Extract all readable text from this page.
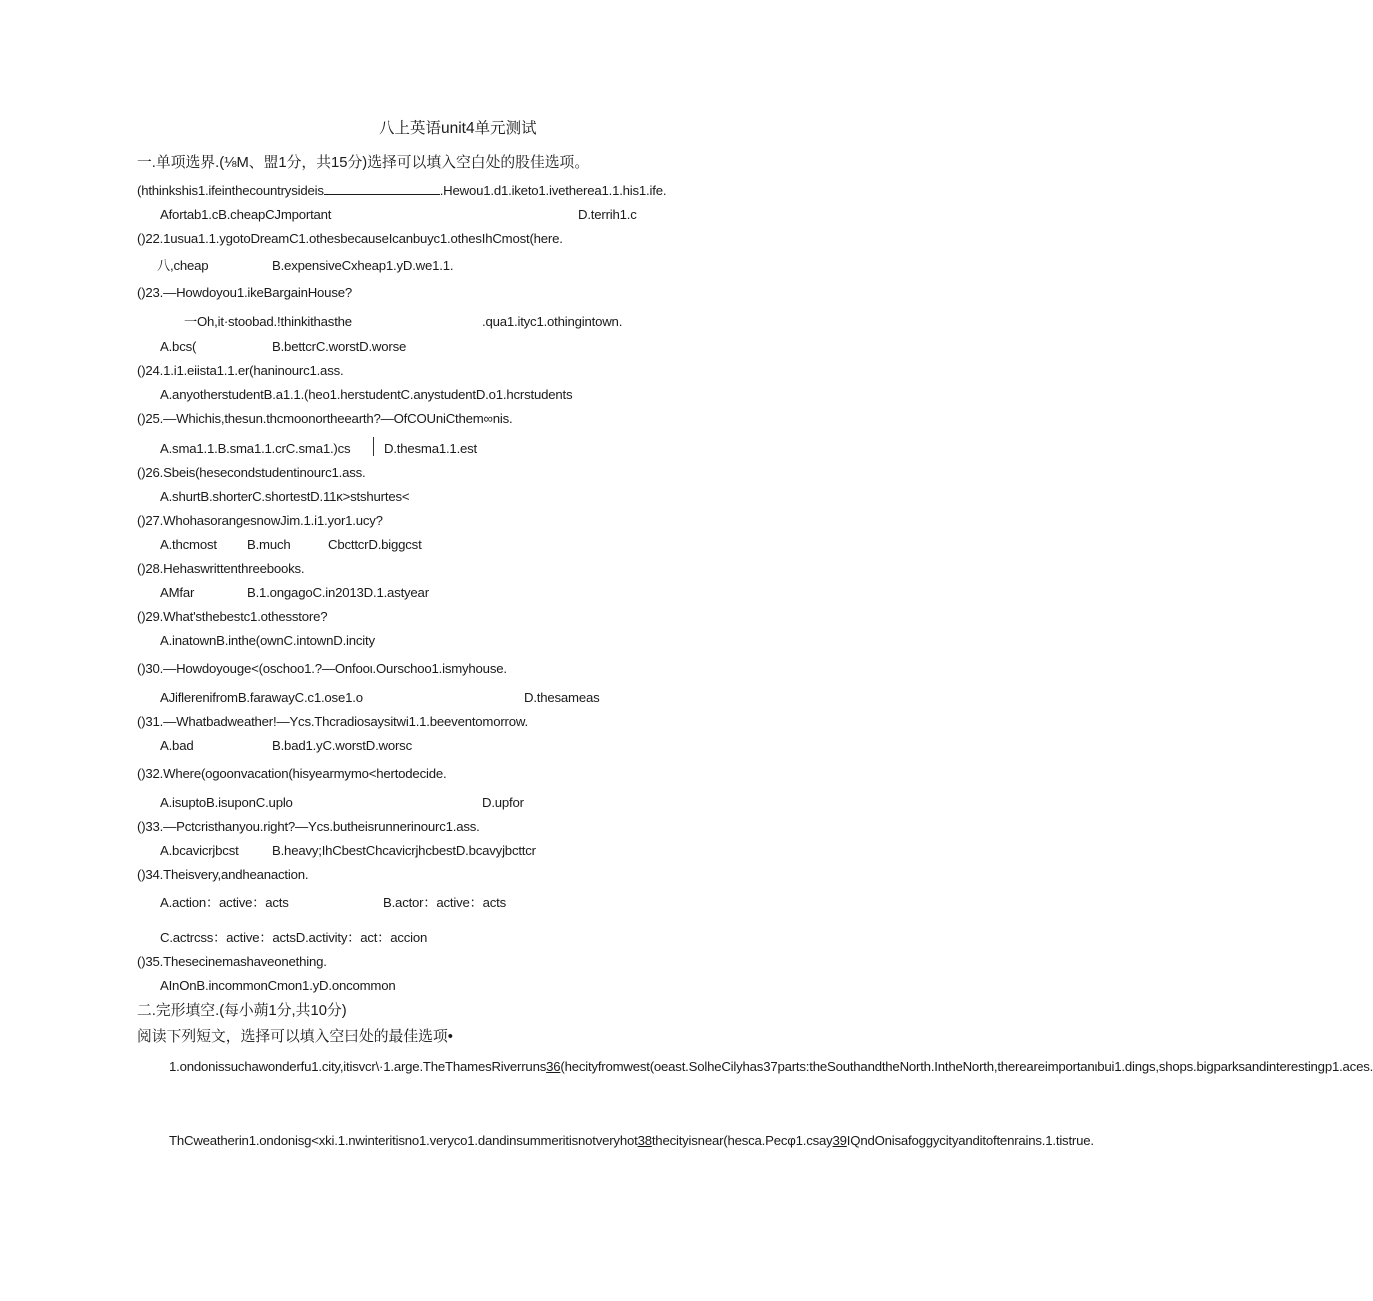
八上英语unit4单元测试
一.单项选界.(⅛M、盟1分，共15分)选择可以填入空白处的股佳选项。
(hthinkshis1.ifeinthecountrysideis	.Hewou1.d1.iketo1.ivetherea1.1.his1.ife.
Afortab1.cB.cheapCJmportant	D.terrih1.c
()22.1usua1.1.ygotoDreamC1.othesbecauseIcanbuyc1.othesIhCmost(here.
八,cheap	B.expensiveCxheap1.yD.we1.1.
()23.—Howdoyou1.ikeBargainHouse?
一Oh,it·stoobad.!thinkithasthe	.qua1.ityc1.othingintown.
A.bcs(	B.bettcrC.worstD.worse
()24.1.i1.eiista1.1.er(haninourc1.ass.
A.anyotherstudentB.a1.1.(heo1.herstudentC.anystudentD.o1.hcrstudents
()25.—Whichis,thesun.thcmoonortheearth?—OfCOUniCthem∞nis.
A.sma1.1.B.sma1.1.crC.sma1.)cs	D.thesma1.1.est
()26.Sbeis(hesecondstudentinourc1.ass.
A.shurtB.shorterC.shortestD.11ĸ>stshurtes<
()27.WhohasorangesnowJim.1.i1.yor1.ucy?
A.thcmost B.much	CbcttcrD.biggcst
()28.Hehaswrittenthreebooks.
AMfar	B.1.ongagoC.in2013D.1.astyear
()29.What'sthebestc1.othesstore?
A.inatownB.inthe(ownC.intownD.incity
()30.—Howdoyouge<(oschoo1.?—Onfooι.Ourschoo1.ismyhouse.
AJiflerenifromB.farawayC.c1.ose1.o	D.thesameas
()31.—Whatbadweather!—Ycs.Thcradiosaysitwi1.1.beeventomorrow.
A.bad	B.bad1.yC.worstD.worsc
()32.Where(ogoonvacation(hisyearmymo<hertodecide.
A.isuptoB.isuponC.uplo	D.upfor
()33.—Pctcristhanyou.right?—Ycs.butheisrunnerinourc1.ass.
A.bcavicrjbcst	B.heavy;IhCbestChcavicrjhcbestD.bcavyjbcttcr
()34.Theisvery,andheanaction.
A.action：active：acts	B.actor：active：acts
C.actrcss：active：actsD.activity：act：accion
()35.Thesecinemashaveonething.
AInOnB.incommonCmon1.yD.oncommon
二.完形填空.(每小蒴1分,共10分)
阅读下列短文，选择可以填入空曰处的最佳选项•
1.ondonissuchawonderfu1.city,itisvcr\·1.arge.TheThamesRiverruns36(hecityfromwest(oeast.SolheCilyhas37parts:theSouthandtheNorth.IntheNorth,thereareimportanιbui1.dings,shops.bigparksandinterestingp1.aces.
ThCweatherin1.ondonisg<xki.1.nwinteritisno1.veryco1.dandinsummeritisnotveryhot38thecityisnear(hesca.Pecφ1.csay39IQndOnisafoggycityanditoftenrains.1.tistrue.
